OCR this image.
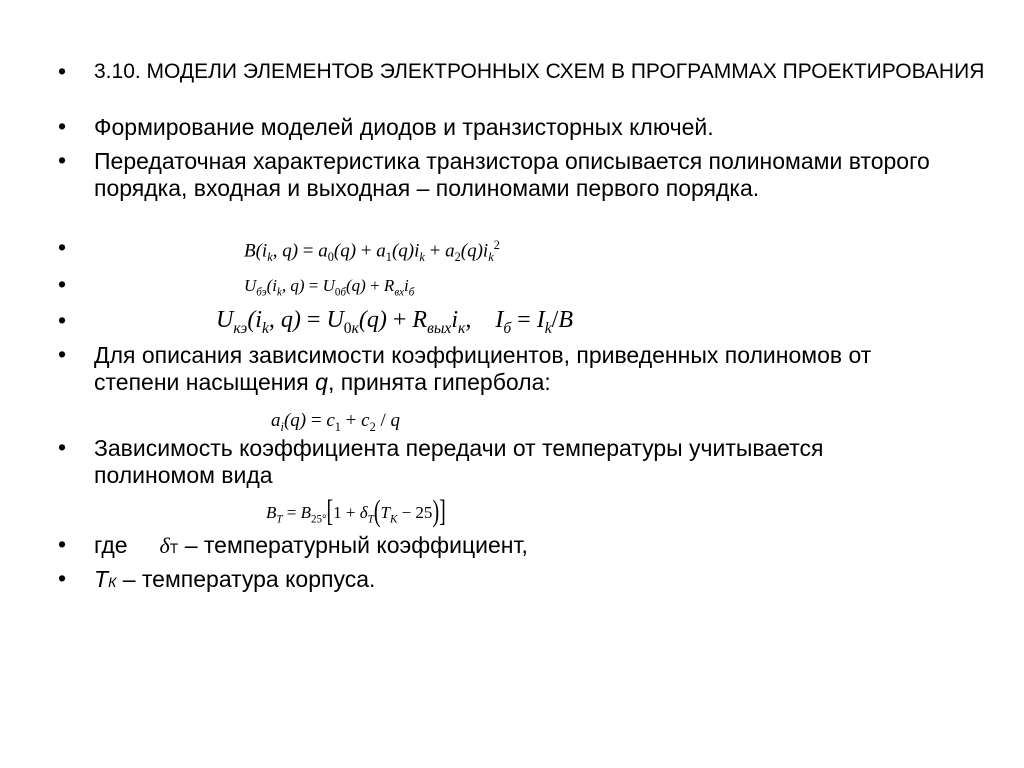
• 3.10. МОДЕЛИ ЭЛЕМЕНТОВ ЭЛЕКТРОННЫХ СХЕМ В ПРОГРАММАХ ПРОЕКТИРОВАНИЯ
• Формирование моделей диодов и транзисторных ключей.
• Передаточная характеристика транзистора описывается полиномами второго порядка, входная и выходная – полиномами первого порядка.
•	$B(i_k$, $q) = a_0(q) + a_1(q)i_k + a_2(q)i_k^2$
•	$U_{бэ}(i_k$, $q) = U_{0б}(q) + R_{вх}i_б$
•	$U_{кэ}(i_k$, $q) = U_{0к}(q) + R_{вых}i_к$,    $I_б = I_k/B$
• Для описания зависимости коэффициентов, приведенных полиномов от степени насыщения q, принята гипербола:
$a_i(q) = c_1 + c_2 / q$
• Зависимость коэффициента передачи от температуры учитывается полиномом вида
$B_T = B_{25^\circ}[1 + \delta_T(T_K - 25)]$
• где δТ – температурный коэффициент,
• ТК – температура корпуса.
